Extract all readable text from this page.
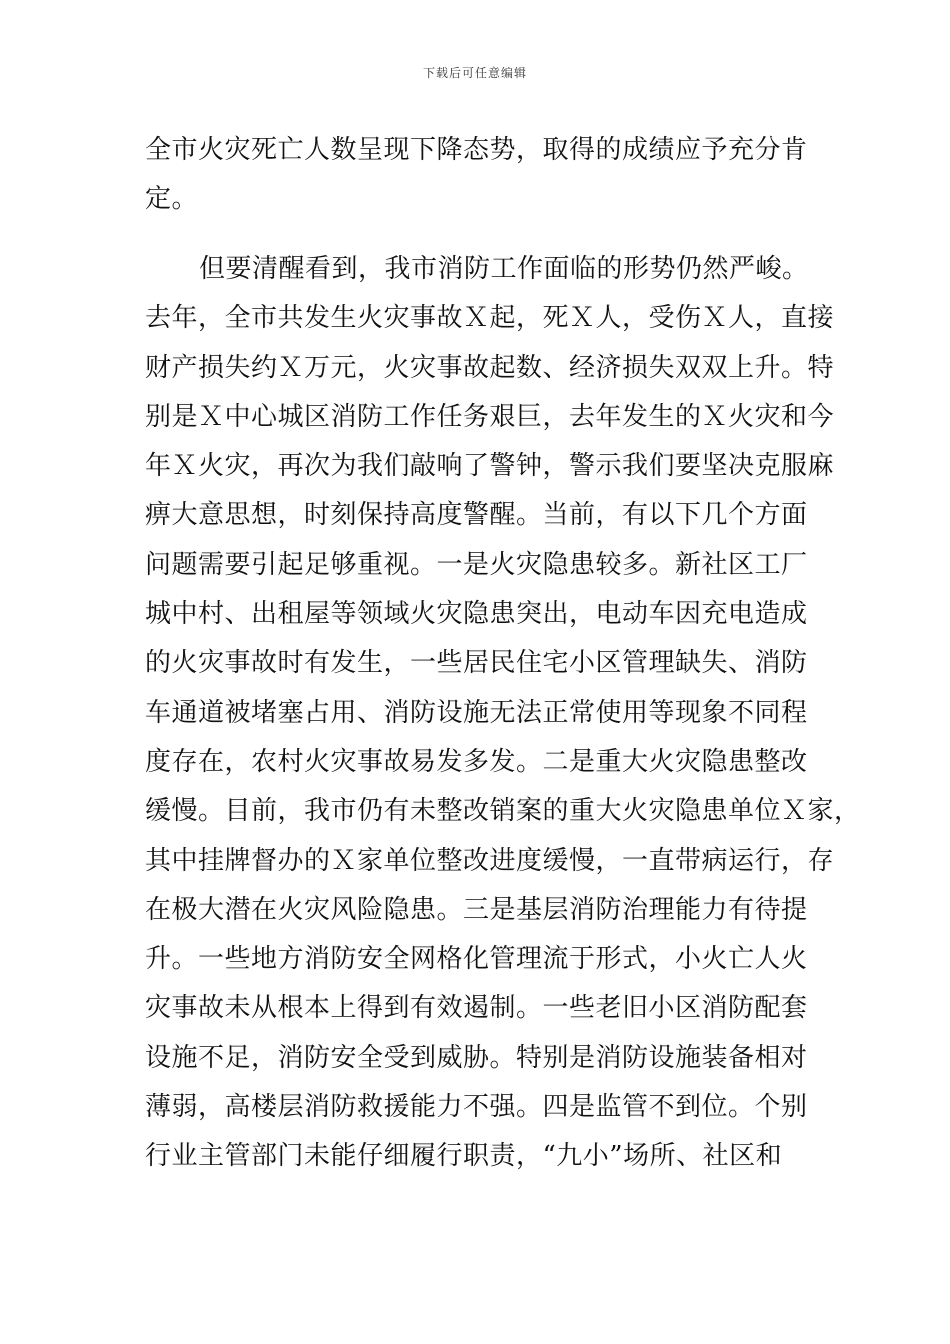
下载后可任意编辑
全市火灾死亡人数呈现下降态势，取得的成绩应予充分肯
定。
但要清醒看到，我市消防工作面临的形势仍然严峻。
去年，全市共发生火灾事故Ｘ起，死Ｘ人，受伤Ｘ人，直接
财产损失约Ｘ万元，火灾事故起数、经济损失双双上升。特
别是Ｘ中心城区消防工作任务艰巨，去年发生的Ｘ火灾和今
年Ｘ火灾，再次为我们敲响了警钟，警示我们要坚决克服麻
痹大意思想，时刻保持高度警醒。当前，有以下几个方面
问题需要引起足够重视。一是火灾隐患较多。新社区工厂
城中村、出租屋等领域火灾隐患突出，电动车因充电造成
的火灾事故时有发生，一些居民住宅小区管理缺失、消防
车通道被堵塞占用、消防设施无法正常使用等现象不同程
度存在，农村火灾事故易发多发。二是重大火灾隐患整改
缓慢。目前，我市仍有未整改销案的重大火灾隐患单位Ｘ家，
其中挂牌督办的Ｘ家单位整改进度缓慢，一直带病运行，存
在极大潜在火灾风险隐患。三是基层消防治理能力有待提
升。一些地方消防安全网格化管理流于形式，小火亡人火
灾事故未从根本上得到有效遏制。一些老旧小区消防配套
设施不足，消防安全受到威胁。特别是消防设施装备相对
薄弱，高楼层消防救援能力不强。四是监管不到位。个别
行业主管部门未能仔细履行职责，“九小”场所、社区和
